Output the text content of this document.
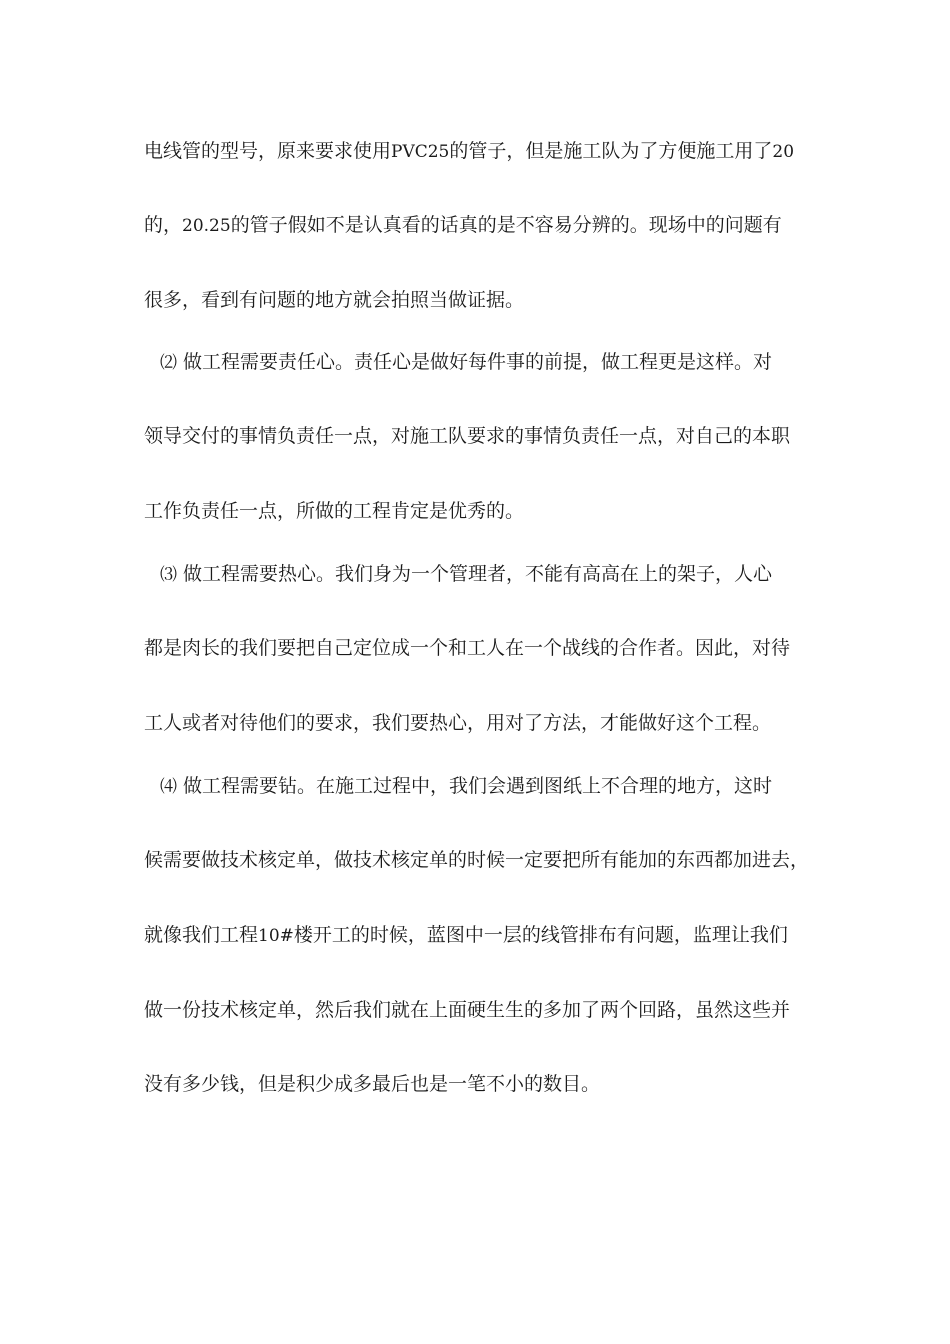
电线管的型号，原来要求使用PVC25的管子，但是施工队为了方便施工用了20
的，20.25的管子假如不是认真看的话真的是不容易分辨的。现场中的问题有
很多，看到有问题的地方就会拍照当做证据。
⑵ 做工程需要责任心。责任心是做好每件事的前提，做工程更是这样。对
领导交付的事情负责任一点，对施工队要求的事情负责任一点，对自己的本职
工作负责任一点，所做的工程肯定是优秀的。
⑶ 做工程需要热心。我们身为一个管理者，不能有高高在上的架子，人心
都是肉长的我们要把自己定位成一个和工人在一个战线的合作者。因此，对待
工人或者对待他们的要求，我们要热心，用对了方法，才能做好这个工程。
⑷ 做工程需要钻。在施工过程中，我们会遇到图纸上不合理的地方，这时
候需要做技术核定单，做技术核定单的时候一定要把所有能加的东西都加进去，
就像我们工程10#楼开工的时候，蓝图中一层的线管排布有问题，监理让我们
做一份技术核定单，然后我们就在上面硬生生的多加了两个回路，虽然这些并
没有多少钱，但是积少成多最后也是一笔不小的数目。
